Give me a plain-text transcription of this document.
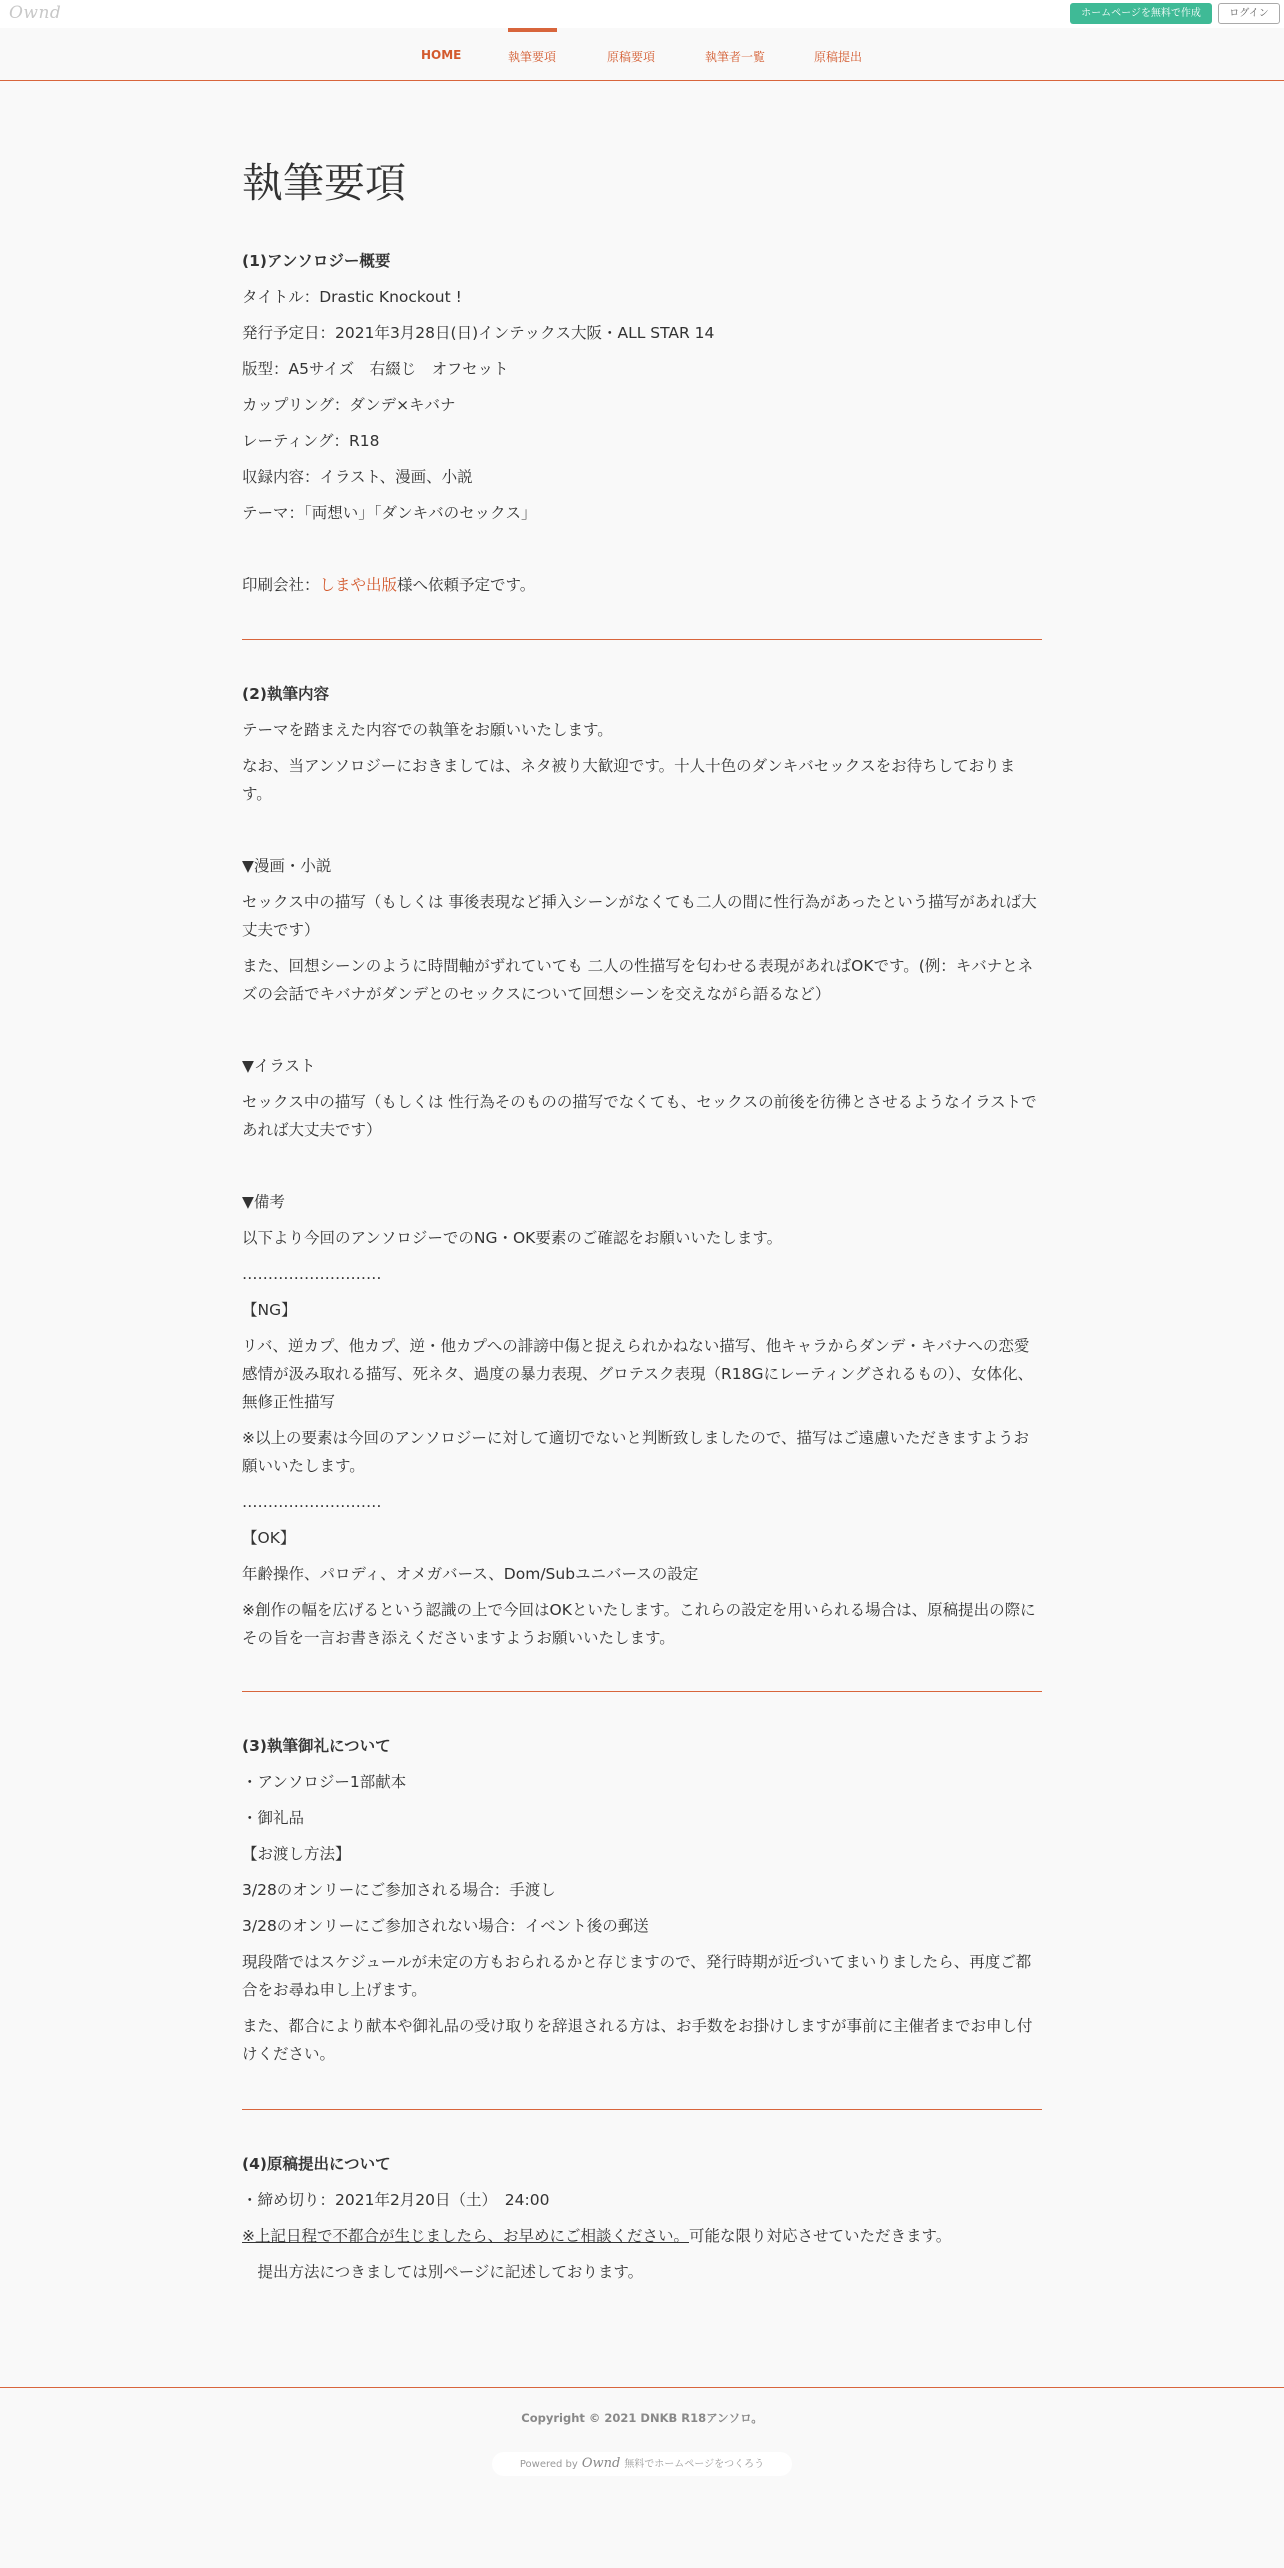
Ownd	ホームページを無料で作成	ログイン
HOME	執筆要項	原稿要項	執筆者一覧	原稿提出
執筆要項
(1)アンソロジー概要
タイトル：Drastic Knockout !
発行予定日：2021年3月28日(日)インテックス大阪・ALL STAR 14
版型：A5サイズ　右綴じ　オフセット
カップリング：ダンデ×キバナ
レーティング：R18
収録内容：イラスト、漫画、小説
テーマ：「両想い」「ダンキバのセックス」
印刷会社：しまや出版様へ依頼予定です。
(2)執筆内容
テーマを踏まえた内容での執筆をお願いいたします。
なお、当アンソロジーにおきましては、ネタ被り大歓迎です。十人十色のダンキバセックスをお待ちしております。
▼漫画・小説
セックス中の描写（もしくは 事後表現など挿入シーンがなくても二人の間に性行為があったという描写があれば大丈夫です）
また、回想シーンのように時間軸がずれていても 二人の性描写を匂わせる表現があればOKです。(例：キバナとネズの会話でキバナがダンデとのセックスについて回想シーンを交えながら語るなど）
▼イラスト
セックス中の描写（もしくは 性行為そのものの描写でなくても、セックスの前後を彷彿とさせるようなイラストであれば大丈夫です）
▼備考
以下より今回のアンソロジーでのNG・OK要素のご確認をお願いいたします。
………………………
【NG】
リバ、逆カプ、他カプ、逆・他カプへの誹謗中傷と捉えられかねない描写、他キャラからダンデ・キバナへの恋愛感情が汲み取れる描写、死ネタ、過度の暴力表現、グロテスク表現（R18Gにレーティングされるもの）、女体化、無修正性描写
※以上の要素は今回のアンソロジーに対して適切でないと判断致しましたので、描写はご遠慮いただきますようお願いいたします。
………………………
【OK】
年齢操作、パロディ、オメガバース、Dom/Subユニバースの設定
※創作の幅を広げるという認識の上で今回はOKといたします。これらの設定を用いられる場合は、原稿提出の際にその旨を一言お書き添えくださいますようお願いいたします。
(3)執筆御礼について
・アンソロジー1部献本
・御礼品
【お渡し方法】
3/28のオンリーにご参加される場合：手渡し
3/28のオンリーにご参加されない場合：イベント後の郵送
現段階ではスケジュールが未定の方もおられるかと存じますので、発行時期が近づいてまいりましたら、再度ご都合をお尋ね申し上げます。
また、都合により献本や御礼品の受け取りを辞退される方は、お手数をお掛けしますが事前に主催者までお申し付けください。
(4)原稿提出について
・締め切り：2021年2月20日（土）　24:00
※上記日程で不都合が生じましたら、お早めにご相談ください。可能な限り対応させていただきます。
　提出方法につきましては別ページに記述しております。
Copyright © 2021 DNKB R18アンソロ。
Powered by Ownd 無料でホームページをつくろう
